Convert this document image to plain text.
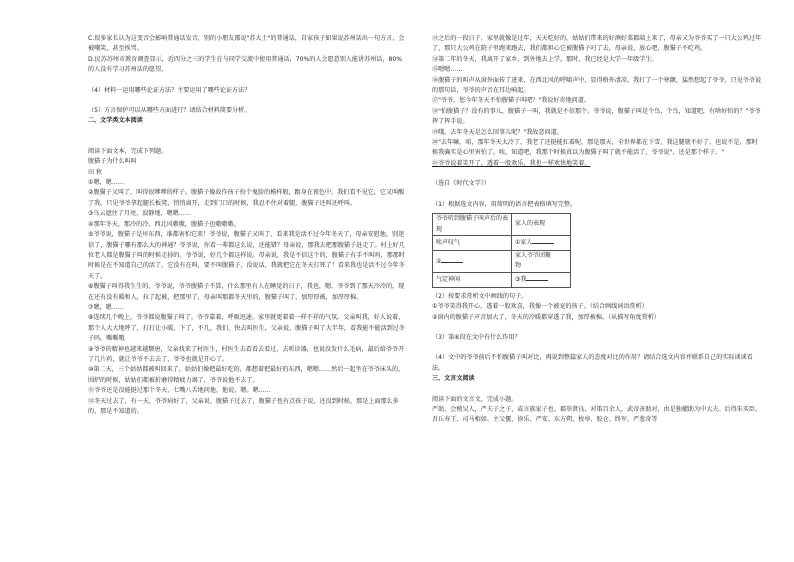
C.很多家长认为这变音会影响普通话发音，别的小朋友都说"苏大土"的普通话，自家孩子如果说苏州话出一句方言，会被嘲笑，甚至挨骂。

D.民苏苏州市教育调查显示，近四分之三的学生在与同学交流中使用普通话，70%的人会愿意别人能讲苏州话，80%的人没有学习苏州话的愿望。

（4）材料一运用哪些论证方法？主要运用了哪些论证方法？

（5）方言保护可以从哪些方面进行？请结合材料简要分析。

二、文学类文本阅读

阅读下面文本，完成下列题。

腹猫子为什么叫叫

田 秋

①嗯，嗯……

②腹猫子又叫了，叫得很嗲嗲的样子。腹猫子像故作孩子扮个鬼脸的模样般，跟身在夜色中，我们看不见它，它又叫醒了我。只见爷爷拿起腿长板凳，悄悄离开，走到门口的时候，我忍不住对着腿，腹猫子还叫还呼叫。

③鸟云遮住了月亮，寂静地，嗯嗯……

④那年冬天，那冷的冷，西北风嗷嗷，腹猫子也嗷嗷嗷。

⑤爷爷说，腹猫子是坏东西，谁都害怕它来！爷爷说，腹猫子又叫了，看来我是活不过今年冬天了，母亲安慰他，别迷信了，腹猫子哪有那么大的神通？爷爷说，你看一辈都这么说，还能错？母亲说，那我去把那腹猫子赶走了。村上好几位老人都是腹猫子叫的时候走掉的。爷爷说，好几个都这样说。母亲说，我是不信这个的，腹猫子有手不叫吗，那那时时候是在不知道自己的活了，它没有在叫，要不叫腹猫子，没说话，我就把它在冬天打死了！看来我也是活不过今年冬天了。

⑥腹猫子叫得我生生的，爷爷说，爷爷腹猫子不算，什么那里有人在睡觉的日子，我也，嗯。爷爷到了那天冷冷的，现在还有没有暖和人，拉了起被，把那里了，母亲叫那都冬天里的，腹猫子叫了，加厚厚被，加厚厚棉。

⑦嗯，嗯……

⑧连续几个晚上，爷爷都说腹猫子叫了，爷爷靠着，呼吸迅速。家里就更着着一样不祥的气氛。父亲叫我，好人说着，那个人大大地呼了，打打让小暖，下了，不几，我们，快去叫医生，父亲说，腹猫子叫了大半年，看我能不能活到过冬子吗。嘶嘶哦

⑨爷爷的精神也越来越颓唐，父亲找来了村医生，村医生去看看去看过，去听诊器，也说没发什么毛病，最后给爷爷开了几片药，就让爷爷不去去了，爷爷也就是开心了。

⑩第二天，三个姑姑都被叫回来了，姑姑们像把最好吃的，都想着把最好的东西，嗯嗯……然后一起坐在爷爷床头的，围炉的时候，姑姑们都被折磨得精疲力竭了，爷爷说他不去了。

⑪爷爷还是没能挺过那个冬天，七嘴八舌地问他，他说，嗯。嗯……

⑫冬天过去了，有一天，爷爷病好了，父亲说，腹猫子过去了，腹猫子也有点孩子说，还没到时候，那是上面那么多的，那是不知道的。

⑬之后的一段日子，家里就像是过年，天天吃好的，姑姑们带来的好酒好菜都端上来了，母亲又为爷爷买了一只大公鸡过年了，那只大公鸡在院子里跑来跑去，我们都担心它被腹猫子叼了去，母亲说，放心吧，腹猫子不吃鸡。

⑭第二年的冬天，我离开了家乡，到外地去上学，那时，我已经是大学一年级学生。

⑮嗯嗯……

⑯腹猫子的叫声从窗外面传了进来，在西北风的呼啸声中，显得格外凄凉。我打了一个寒颤，猛然想起了爷爷，只见爷爷说的那句话，爷爷的声音在耳边响起。

⑰"爷爷，您今年冬天不怕腹猫子叫吧？"我说好奇地问道。

⑱"怕腹猫子？没有的事儿，腹猫子一叫，我就是不信那个。爷爷说，腹猫子叫是个鸟，个鸟，知道吧，有啥好怕的？"爷爷挥了挥手说。

⑲哦，去年冬天是怎么回事儿呢？"我故意问道。

⑳"去年嘛，咱，那年冬天太冷了，我老了还挺能扛着呢，那是那天，全世界都在下雪，我这腿就不好了，也说不是，那时候我确实是心里害怕了。唉，知道吧，我那个时候真以为腹猫子叫了就不能活了，爷爷说"，还是那个样子。"

㉑爷爷说着笑开了，透着一股欢乐，我也一样欢快地笑着。

（选自《时代文学》）

（1）根据选文内容，用简明的语言把表格填写完整。

爷爷听到腹猫子叫声后的表现	家人的表现
唉声叹气	①家人
②	家人爷爷团聚
物
气定神闲	③我

（2）按要求赏析文中画线的句子。

①爷爷笑得我开心，透着一股欢喜，我像一个被宠的孩子。（结合画线词语赏析）

②窗内的腹猫子声音加大了，冬天的冷暖都穿透了我，加厚被棉。（从描写角度赏析）

（3）第⑥段在文中有什么作用？

（4）文中的爷爷前后不怕腹猫子叫对比，再说到整篇家人的态度对比的作用？请结合选文内容并联系自己的实际谈谈看法。

三、文言文阅读

阅读下面的文言文，完成小题。

严助，会稽吴人，严夫子之子，或言族家子也。郡举贤良，对策百余人，武帝善助对，由是独擢助为中大夫。后得朱买臣、吾丘寿王、司马相如、主父偃、徐乐、严安、东方朔、枚皋、胶仓、终军、严葱奇等
